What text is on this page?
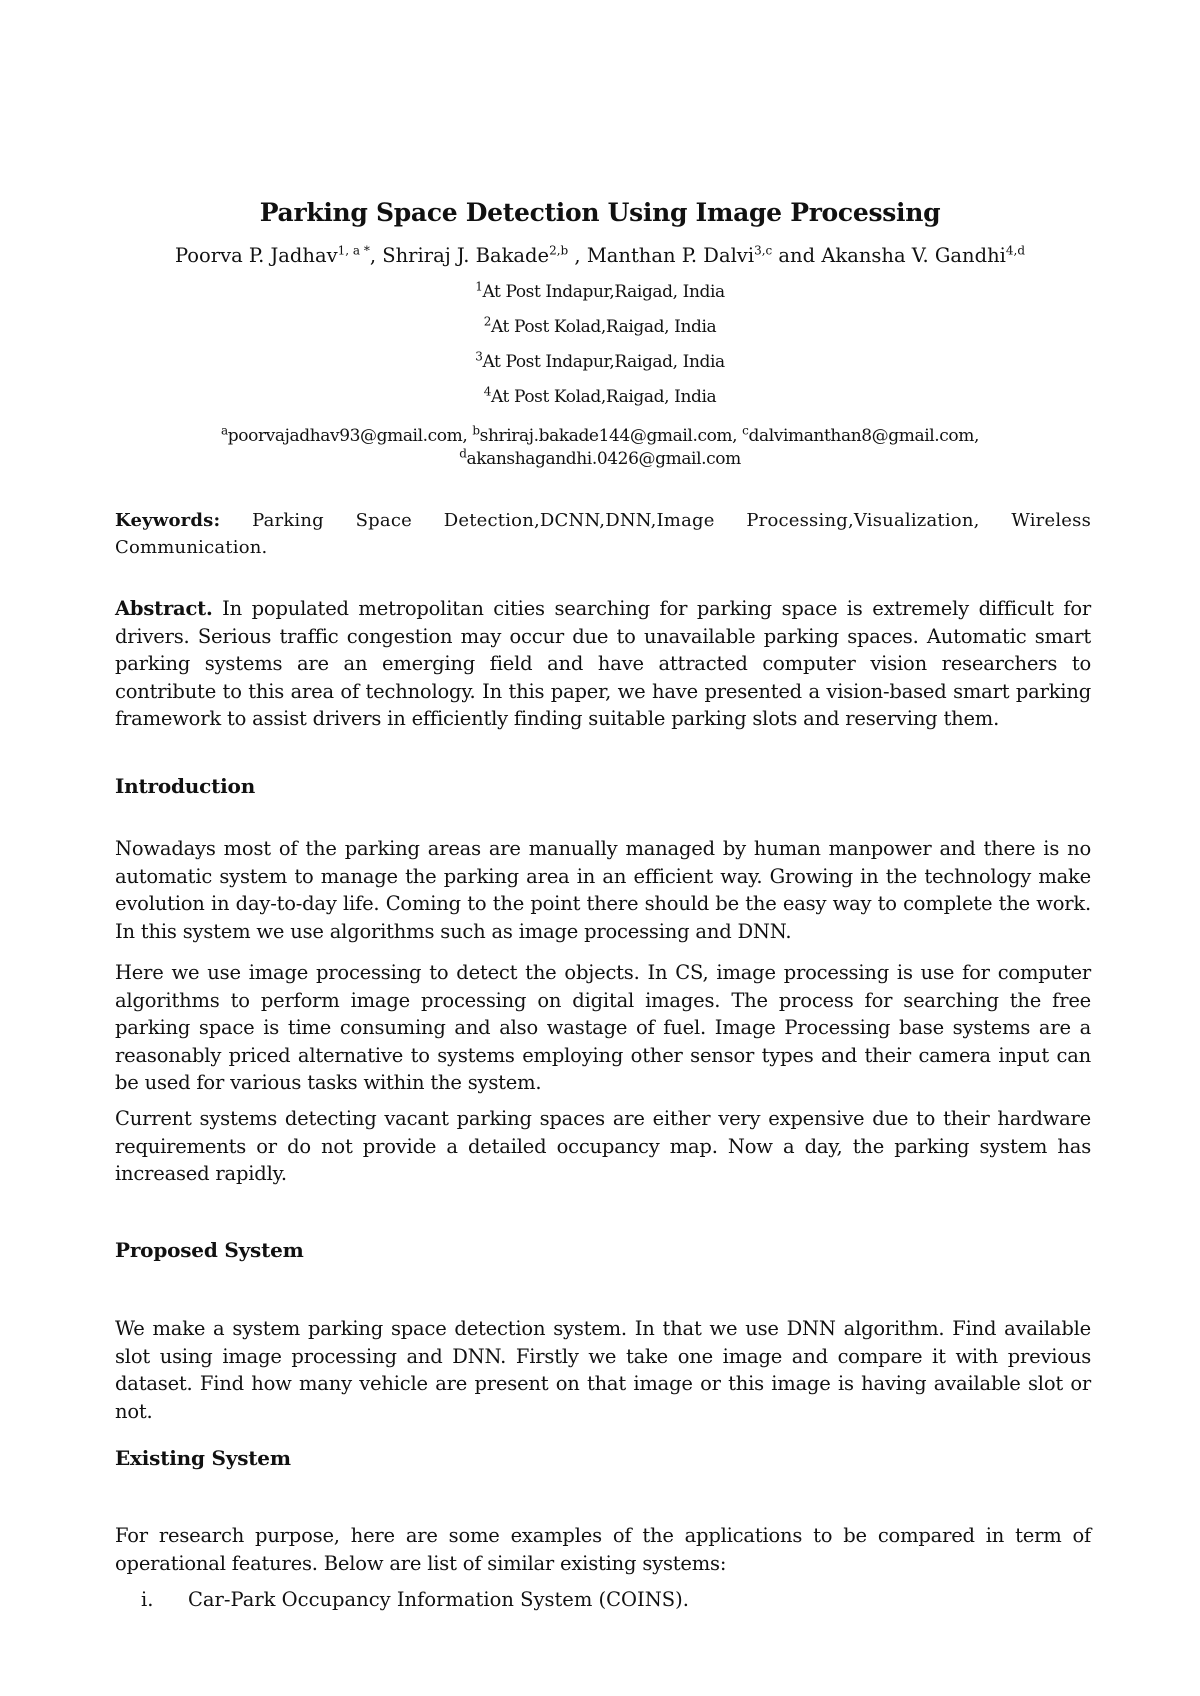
Parking Space Detection Using Image Processing

Poorva P. Jadhav$^{1, a *}$, Shriraj J. Bakade$^{2,b}$ , Manthan P. Dalvi$^{3,c}$ and Akansha V. Gandhi$^{4,d}$

$^1$At Post Indapur,Raigad, India

$^2$At Post Kolad,Raigad, India

$^3$At Post Indapur,Raigad, India

$^4$At Post Kolad,Raigad, India

$^a$poorvajadhav93@gmail.com, $^b$shriraj.bakade144@gmail.com, $^c$dalvimanthan8@gmail.com,
$^d$akanshagandhi.0426@gmail.com

Keywords: Parking Space Detection,DCNN,DNN,Image Processing,Visualization, Wireless Communication.

Abstract. In populated metropolitan cities searching for parking space is extremely difficult for drivers. Serious traffic congestion may occur due to unavailable parking spaces. Automatic smart parking systems are an emerging field and have attracted computer vision researchers to contribute to this area of technology. In this paper, we have presented a vision-based smart parking framework to assist drivers in efficiently finding suitable parking slots and reserving them.

Introduction

Nowadays most of the parking areas are manually managed by human manpower and there is no automatic system to manage the parking area in an efficient way. Growing in the technology make evolution in day-to-day life. Coming to the point there should be the easy way to complete the work. In this system we use algorithms such as image processing and DNN.

Here we use image processing to detect the objects. In CS, image processing is use for computer algorithms to perform image processing on digital images. The process for searching the free parking space is time consuming and also wastage of fuel. Image Processing base systems are a reasonably priced alternative to systems employing other sensor types and their camera input can be used for various tasks within the system.

Current systems detecting vacant parking spaces are either very expensive due to their hardware requirements or do not provide a detailed occupancy map. Now a day, the parking system has increased rapidly.

Proposed System

We make a system parking space detection system. In that we use DNN algorithm. Find available slot using image processing and DNN. Firstly we take one image and compare it with previous dataset. Find how many vehicle are present on that image or this image is having available slot or not.

Existing System

For research purpose, here are some examples of the applications to be compared in term of operational features. Below are list of similar existing systems:

i. Car-Park Occupancy Information System (COINS).
